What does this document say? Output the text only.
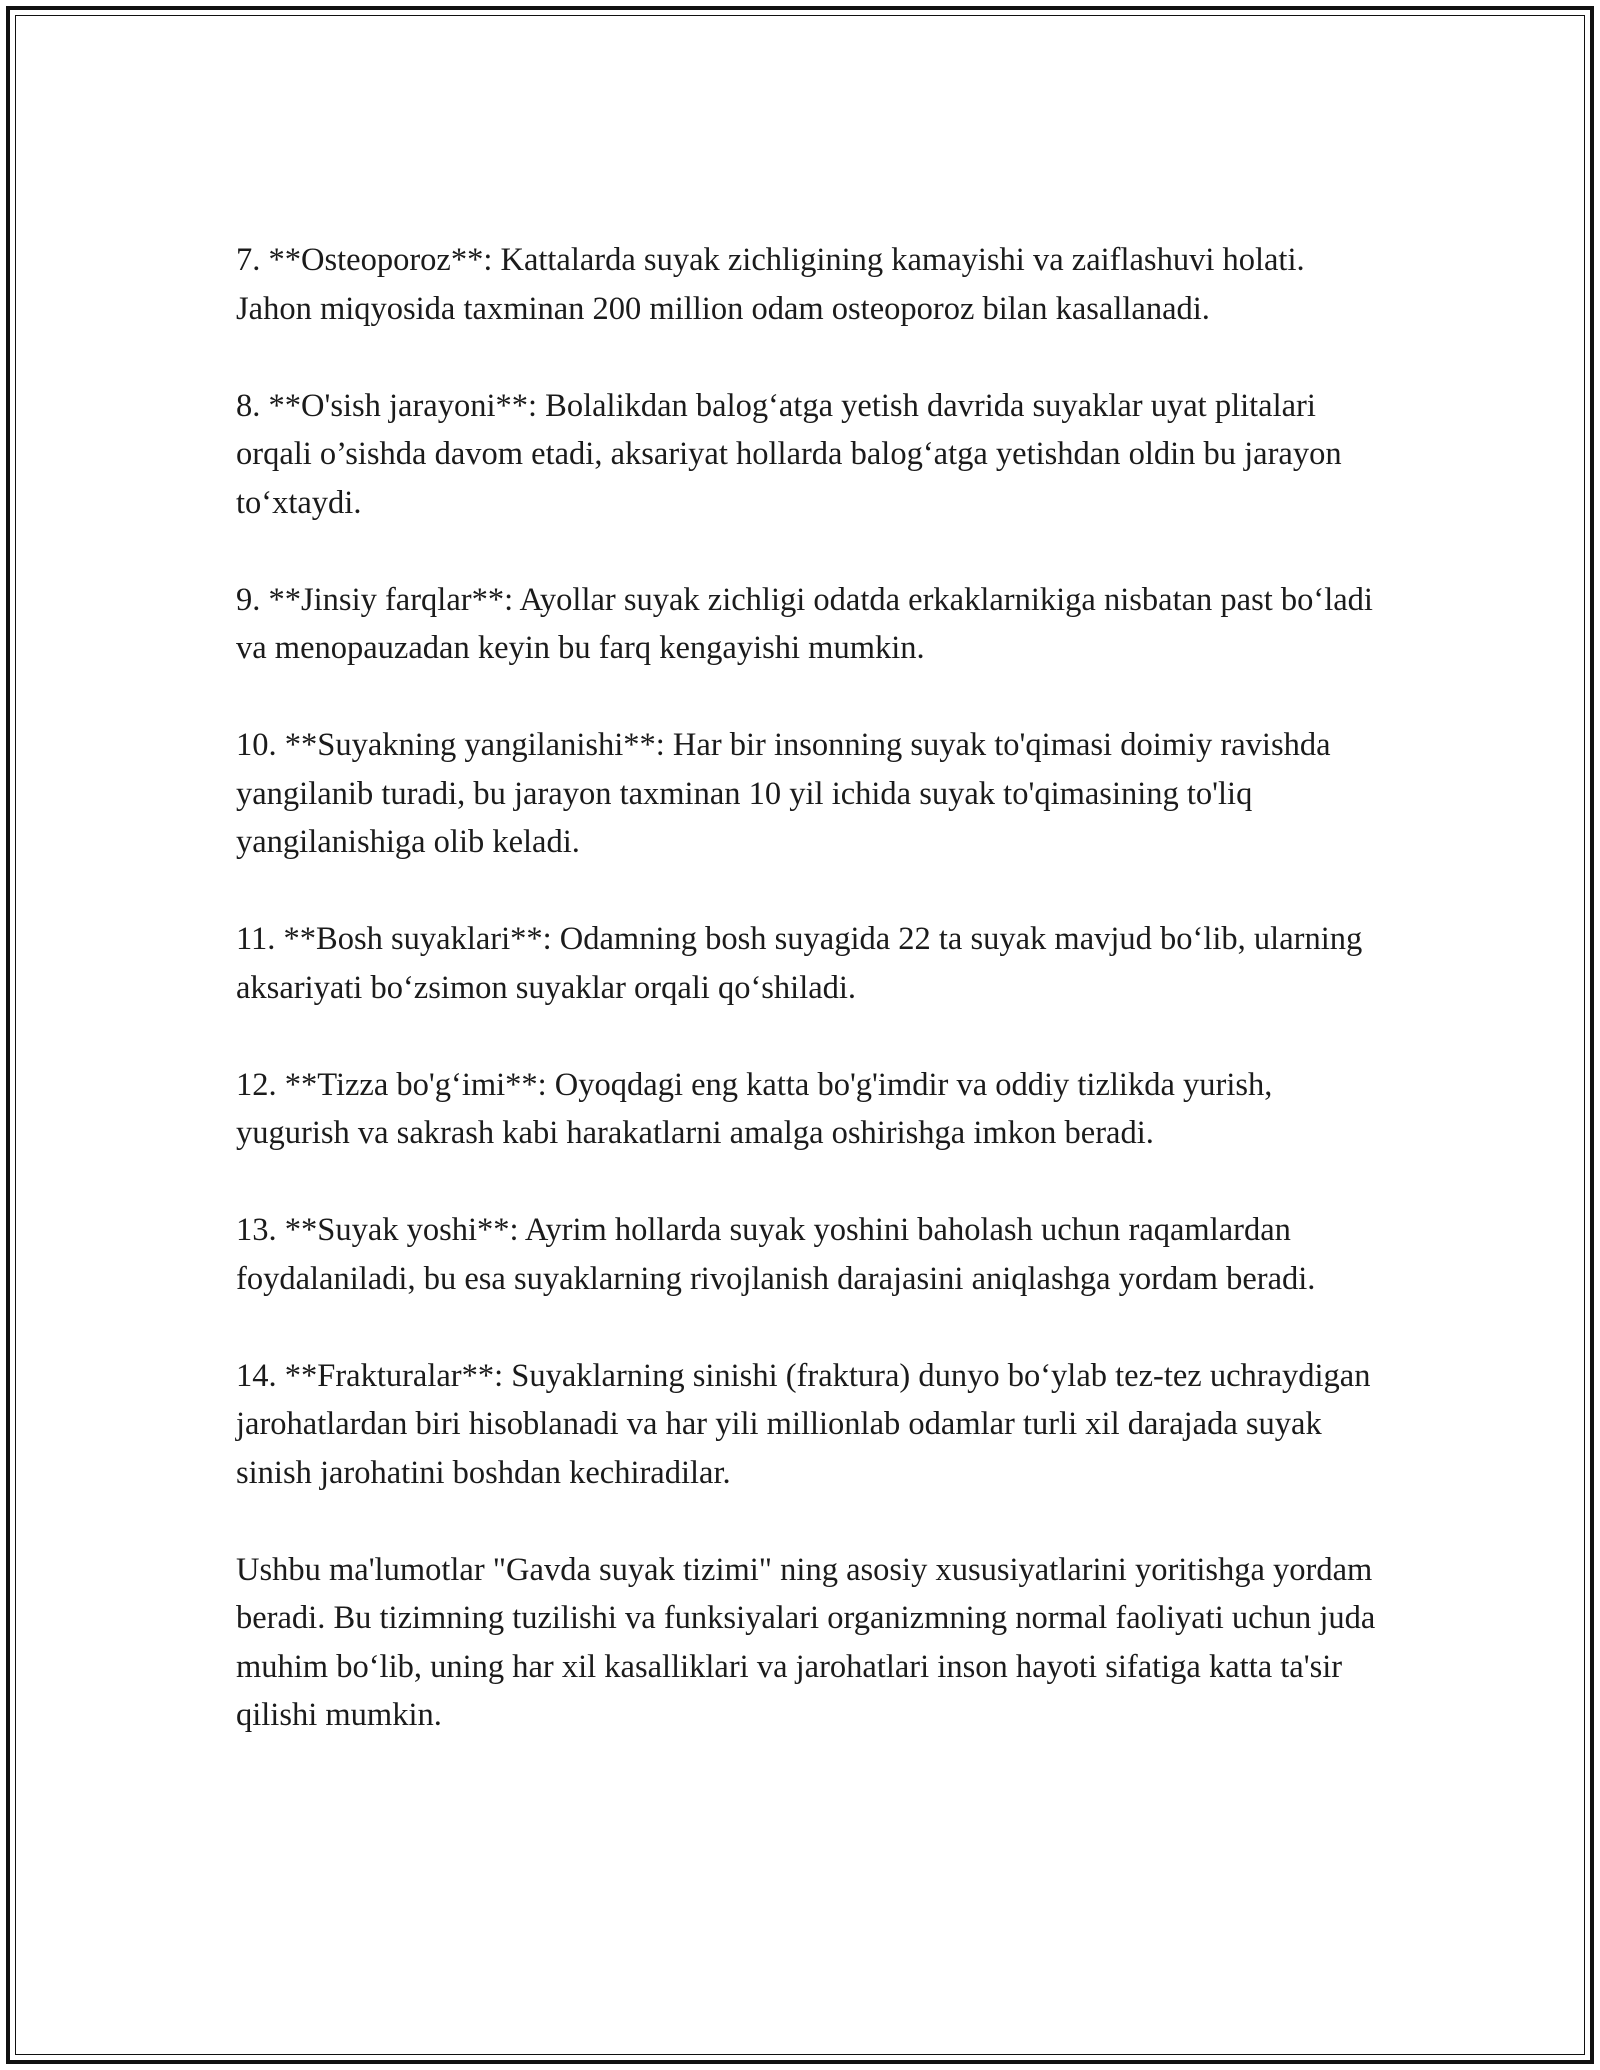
7. **Osteoporoz**: Kattalarda suyak zichligining kamayishi va zaiflashuvi holati. Jahon miqyosida taxminan 200 million odam osteoporoz bilan kasallanadi.

8. **O'sish jarayoni**: Bolalikdan balog‘atga yetish davrida suyaklar uyat plitalari orqali o’sishda davom etadi, aksariyat hollarda balog‘atga yetishdan oldin bu jarayon to‘xtaydi.

9. **Jinsiy farqlar**: Ayollar suyak zichligi odatda erkaklarnikiga nisbatan past bo‘ladi va menopauzadan keyin bu farq kengayishi mumkin.

10. **Suyakning yangilanishi**: Har bir insonning suyak to'qimasi doimiy ravishda yangilanib turadi, bu jarayon taxminan 10 yil ichida suyak to'qimasining to'liq yangilanishiga olib keladi.

11. **Bosh suyaklari**: Odamning bosh suyagida 22 ta suyak mavjud bo‘lib, ularning aksariyati bo‘zsimon suyaklar orqali qo‘shiladi.

12. **Tizza bo'g‘imi**: Oyoqdagi eng katta bo'g'imdir va oddiy tizlikda yurish, yugurish va sakrash kabi harakatlarni amalga oshirishga imkon beradi.

13. **Suyak yoshi**: Ayrim hollarda suyak yoshini baholash uchun raqamlardan foydalaniladi, bu esa suyaklarning rivojlanish darajasini aniqlashga yordam beradi.

14. **Frakturalar**: Suyaklarning sinishi (fraktura) dunyo bo‘ylab tez-tez uchraydigan jarohatlardan biri hisoblanadi va har yili millionlab odamlar turli xil darajada suyak sinish jarohatini boshdan kechiradilar.

Ushbu ma'lumotlar "Gavda suyak tizimi" ning asosiy xususiyatlarini yoritishga yordam beradi. Bu tizimning tuzilishi va funksiyalari organizmning normal faoliyati uchun juda muhim bo‘lib, uning har xil kasalliklari va jarohatlari inson hayoti sifatiga katta ta'sir qilishi mumkin.
